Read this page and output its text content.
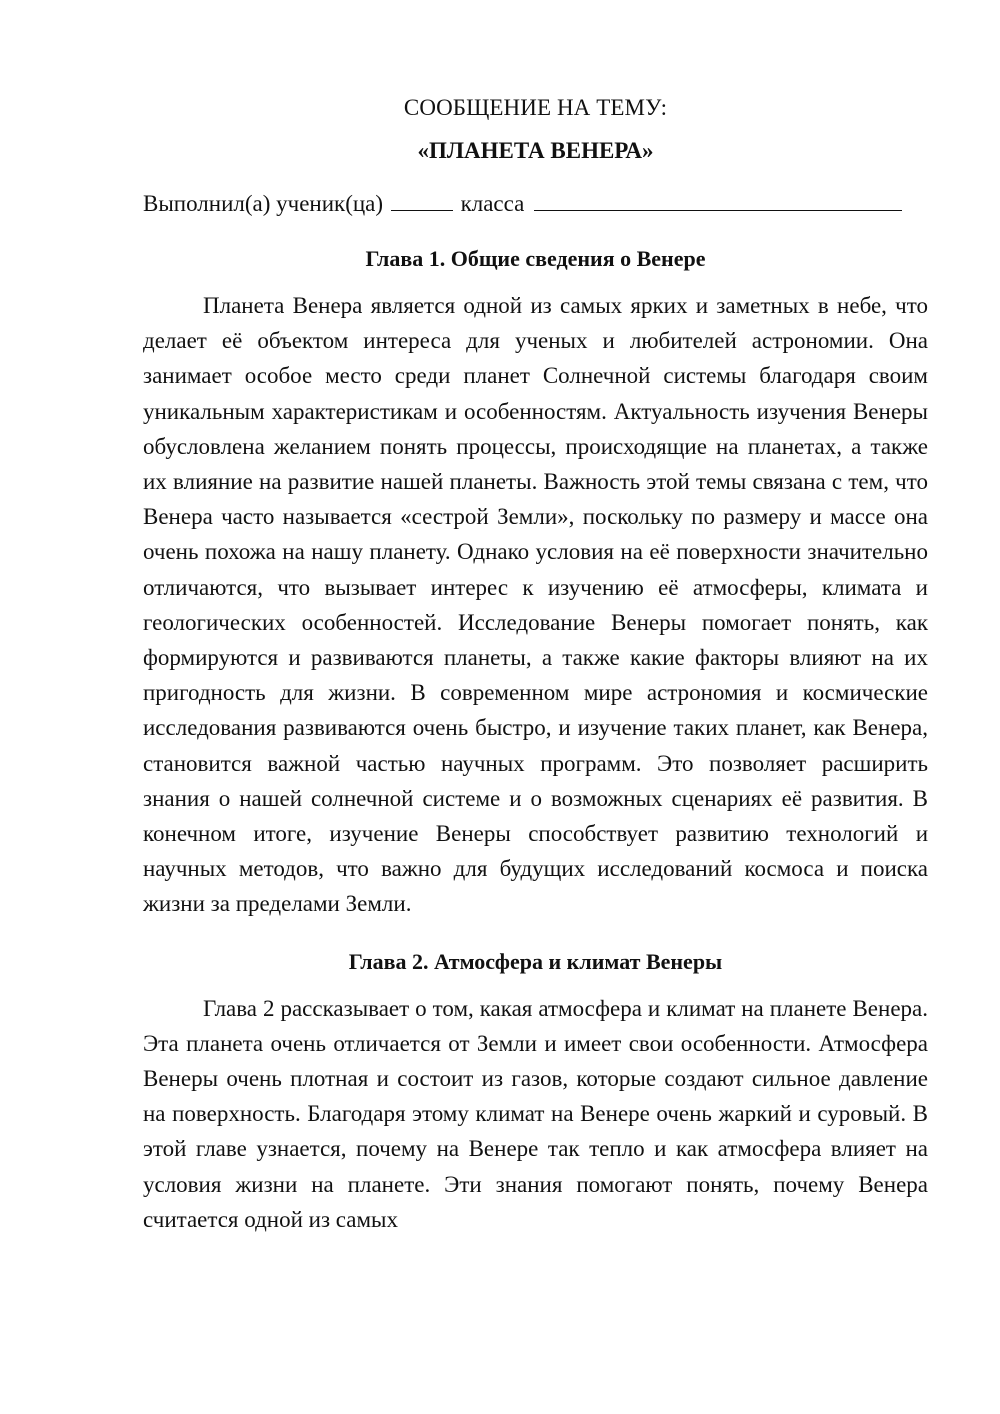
СООБЩЕНИЕ НА ТЕМУ:
«ПЛАНЕТА ВЕНЕРА»
Выполнил(а) ученик(ца)	класса
Глава 1. Общие сведения о Венере

Планета Венера является одной из самых ярких и заметных в небе, что делает её объектом интереса для ученых и любителей астрономии. Она занимает особое место среди планет Солнечной системы благодаря своим уникальным характеристикам и особенностям. Актуальность изучения Венеры обусловлена желанием понять процессы, происходящие на планетах, а также их влияние на развитие нашей планеты. Важность этой темы связана с тем, что Венера часто называется «сестрой Земли», поскольку по размеру и массе она очень похожа на нашу планету. Однако условия на её поверхности значительно отличаются, что вызывает интерес к изучению её атмосферы, климата и геологических особенностей. Исследование Венеры помогает понять, как формируются и развиваются планеты, а также какие факторы влияют на их пригодность для жизни. В современном мире астрономия и космические исследования развиваются очень быстро, и изучение таких планет, как Венера, становится важной частью научных программ. Это позволяет расширить знания о нашей солнечной системе и о возможных сценариях её развития. В конечном итоге, изучение Венеры способствует развитию технологий и научных методов, что важно для будущих исследований космоса и поиска жизни за пределами Земли.

Глава 2. Атмосфера и климат Венеры

Глава 2 рассказывает о том, какая атмосфера и климат на планете Венера. Эта планета очень отличается от Земли и имеет свои особенности. Атмосфера Венеры очень плотная и состоит из газов, которые создают сильное давление на поверхность. Благодаря этому климат на Венере очень жаркий и суровый. В этой главе узнается, почему на Венере так тепло и как атмосфера влияет на условия жизни на планете. Эти знания помогают понять, почему Венера считается одной из самых
